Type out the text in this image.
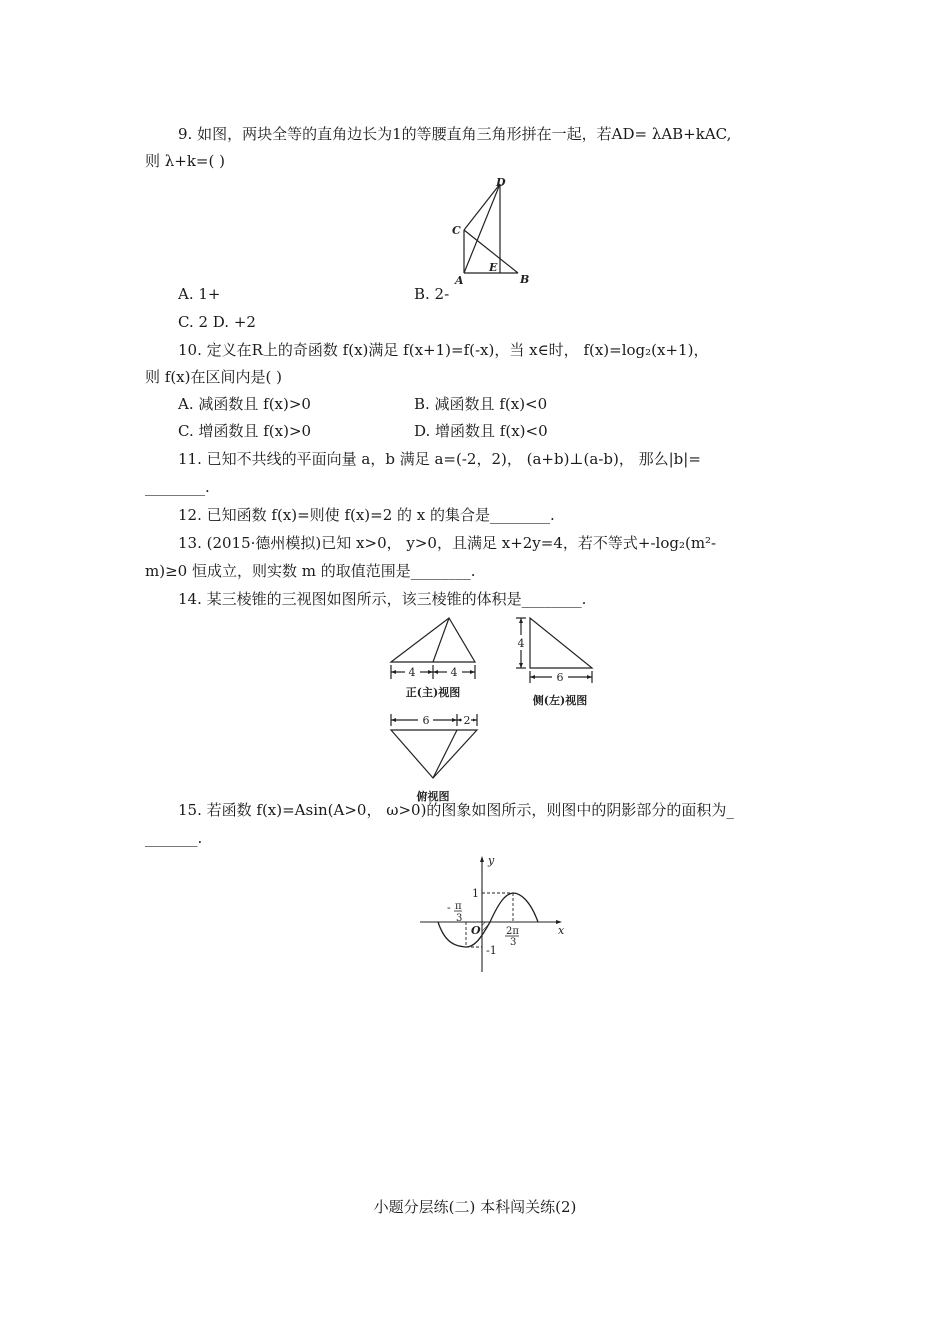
9. 如图，两块全等的直角边长为1的等腰直角三角形拼在一起，若AD= λAB+kAC,
则 λ+k=( )
D
C
A
E
B
A. 1+	B. 2-
C. 2 D. +2
10. 定义在R上的奇函数 f(x)满足 f(x+1)=f(-x)，当 x∈时， f(x)=log₂(x+1)，
则 f(x)在区间内是( )
A. 减函数且 f(x)>0	B. 减函数且 f(x)<0
C. 增函数且 f(x)>0	D. 增函数且 f(x)<0
11. 已知不共线的平面向量 a，b 满足 a=(-2，2)， (a+b)⊥(a-b)， 那么|b|=
________.
12. 已知函数 f(x)=则使 f(x)=2 的 x 的集合是________.
13. (2015·德州模拟)已知 x>0， y>0，且满足 x+2y=4，若不等式+-log₂(m²-
m)≥0 恒成立，则实数 m 的取值范围是________.
14. 某三棱锥的三视图如图所示，该三棱锥的体积是________.
4	4
正(主)视图
4
6
侧(左)视图
6	2
俯视图
15. 若函数 f(x)=Asin(A>0， ω>0)的图象如图所示，则图中的阴影部分的面积为_
_______.
y
x
O
1
-1
- π
3
2π
3
小题分层练(二) 本科闯关练(2)
